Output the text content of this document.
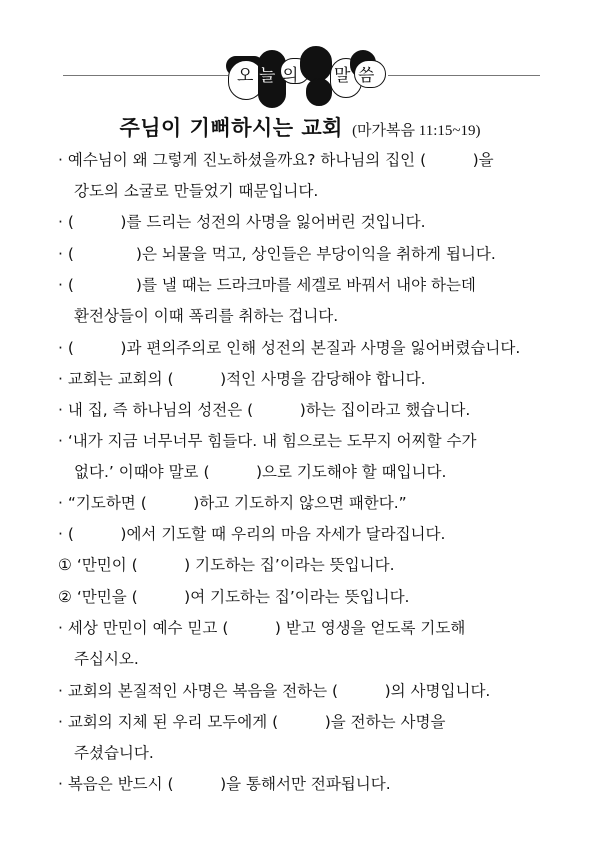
오 늘 의 말 씀
주님이 기뻐하시는 교회 (마가복음 11:15~19)
· 예수님이 왜 그렇게 진노하셨을까요? 하나님의 집인 (　　　)을
강도의 소굴로 만들었기 때문입니다.
· (　　　)를 드리는 성전의 사명을 잃어버린 것입니다.
· (　　　　)은 뇌물을 먹고, 상인들은 부당이익을 취하게 됩니다.
· (　　　　)를 낼 때는 드라크마를 세겔로 바꿔서 내야 하는데
환전상들이 이때 폭리를 취하는 겁니다.
· (　　　)과 편의주의로 인해 성전의 본질과 사명을 잃어버렸습니다.
· 교회는 교회의 (　　　)적인 사명을 감당해야 합니다.
· 내 집, 즉 하나님의 성전은 (　　　)하는 집이라고 했습니다.
· ‘내가 지금 너무너무 힘들다. 내 힘으로는 도무지 어찌할 수가
없다.’ 이때야 말로 (　　　)으로 기도해야 할 때입니다.
· “기도하면 (　　　)하고 기도하지 않으면 패한다.”
· (　　　)에서 기도할 때 우리의 마음 자세가 달라집니다.
① ‘만민이 (　　　) 기도하는 집’이라는 뜻입니다.
② ‘만민을 (　　　)여 기도하는 집’이라는 뜻입니다.
· 세상 만민이 예수 믿고 (　　　) 받고 영생을 얻도록 기도해
주십시오.
· 교회의 본질적인 사명은 복음을 전하는 (　　　)의 사명입니다.
· 교회의 지체 된 우리 모두에게 (　　　)을 전하는 사명을
주셨습니다.
· 복음은 반드시 (　　　)을 통해서만 전파됩니다.
